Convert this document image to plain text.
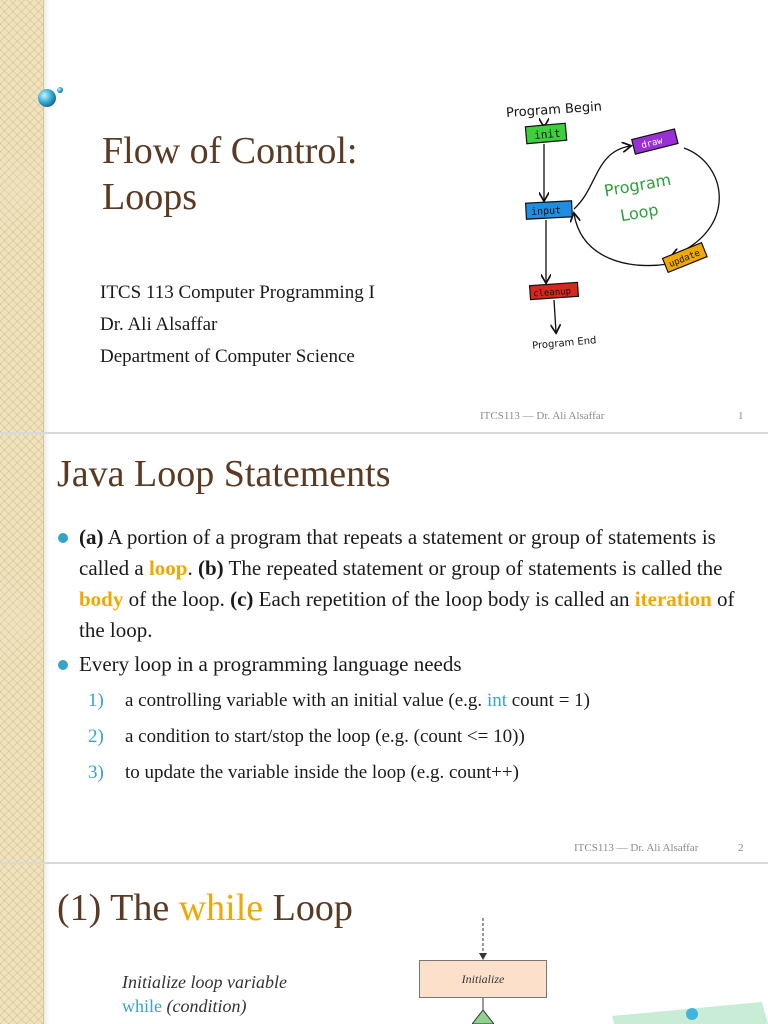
Flow of Control:
Loops
ITCS 113 Computer Programming I
Dr. Ali Alsaffar
Department of Computer Science
Program Begin
init
input
cleanup
Program End
draw
update
Program
Loop
ITCS113 — Dr. Ali Alsaffar	1
Java Loop Statements
(a) A portion of a program that repeats a statement or group of statements is called a loop. (b) The repeated statement or group of statements is called the body of the loop. (c) Each repetition of the loop body is called an iteration of the loop.
Every loop in a programming language needs
1) a controlling variable with an initial value (e.g. int count = 1)
2) a condition to start/stop the loop (e.g. (count <= 10))
3) to update the variable inside the loop (e.g. count++)
ITCS113 — Dr. Ali Alsaffar	2
(1) The while Loop
Initialize loop variable
while (condition)
Initialize
